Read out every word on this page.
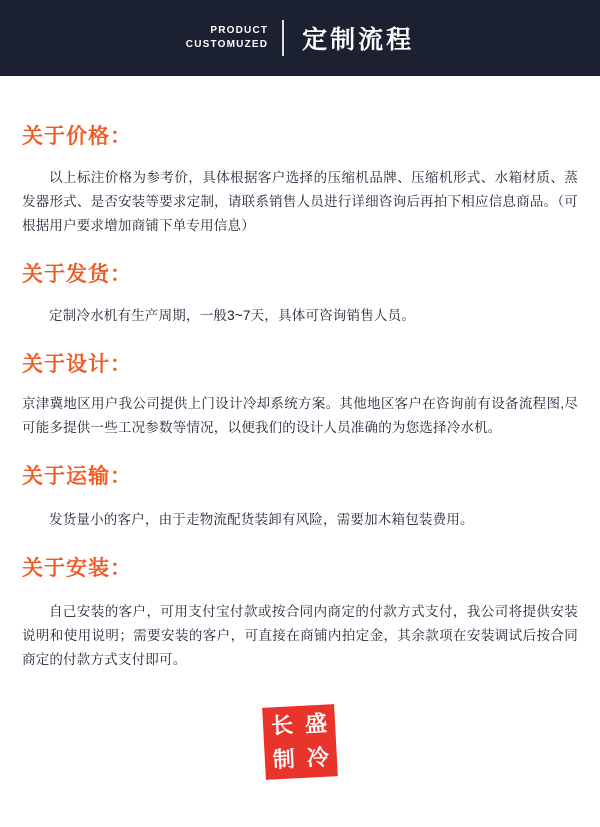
PRODUCT
CUSTOMUZED	定制流程

关于价格：

以上标注价格为参考价，具体根据客户选择的压缩机品牌、压缩机形式、水箱材质、蒸发器形式、是否安装等要求定制，请联系销售人员进行详细咨询后再拍下相应信息商品。（可根据用户要求增加商铺下单专用信息）

关于发货：

定制冷水机有生产周期，一般3~7天，具体可咨询销售人员。

关于设计：

京津冀地区用户我公司提供上门设计冷却系统方案。其他地区客户在咨询前有设备流程图,尽可能多提供一些工况参数等情况，以便我们的设计人员准确的为您选择冷水机。

关于运输：

发货量小的客户，由于走物流配货装卸有风险，需要加木箱包装费用。

关于安装：

自己安装的客户，可用支付宝付款或按合同内商定的付款方式支付，我公司将提供安装说明和使用说明；需要安装的客户，可直接在商铺内拍定金，其余款项在安装调试后按合同商定的付款方式支付即可。

长 盛
制 冷
